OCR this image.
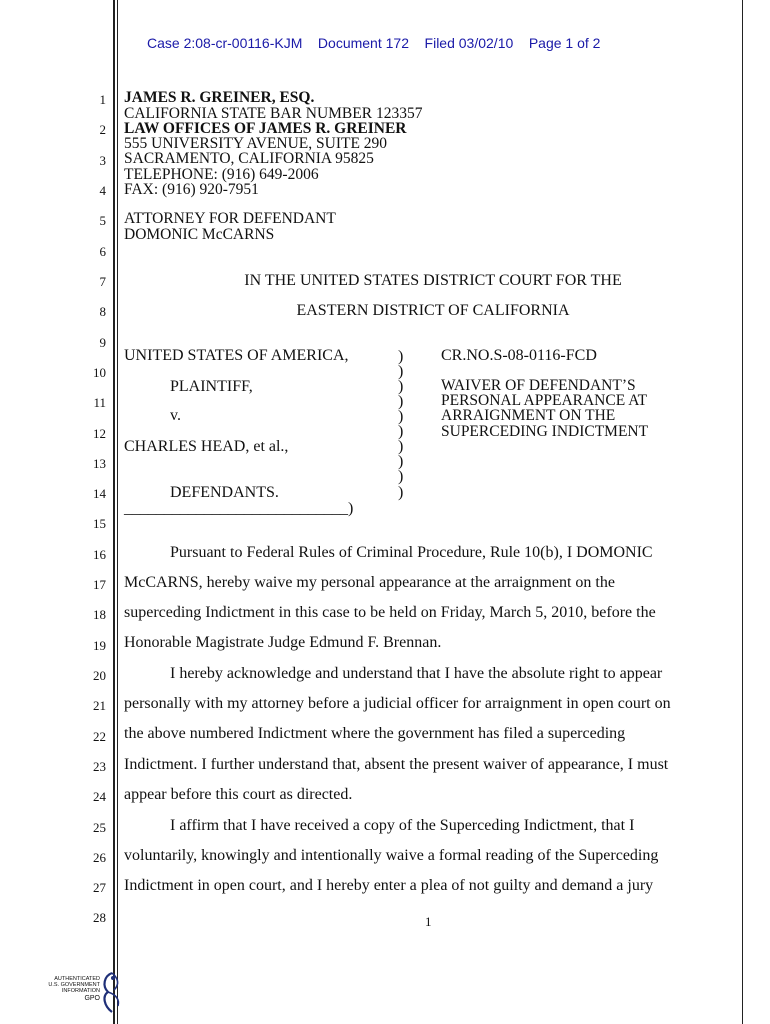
Case 2:08-cr-00116-KJM    Document 172    Filed 03/02/10    Page 1 of 2
1
2
3
4
5
6
7
8
9
10
11
12
13
14
15
16
17
18
19
20
21
22
23
24
25
26
27
28
JAMES R. GREINER, ESQ.
CALIFORNIA STATE BAR NUMBER 123357
LAW OFFICES OF JAMES R. GREINER
555 UNIVERSITY AVENUE, SUITE 290
SACRAMENTO, CALIFORNIA 95825
TELEPHONE: (916) 649-2006
FAX: (916) 920-7951
ATTORNEY FOR DEFENDANT
DOMONIC McCARNS
IN THE UNITED STATES DISTRICT COURT FOR THE
EASTERN DISTRICT OF CALIFORNIA
UNITED STATES OF AMERICA,
PLAINTIFF,
v.
CHARLES HEAD, et al.,
DEFENDANTS.
____________________________)
)
)
)
)
)
)
)
)
)
)
CR.NO.S-08-0116-FCD
WAIVER OF DEFENDANT’S
PERSONAL APPEARANCE AT
ARRAIGNMENT ON THE
SUPERCEDING INDICTMENT
Pursuant to Federal Rules of Criminal Procedure, Rule 10(b), I DOMONIC
McCARNS, hereby waive my personal appearance at the arraignment on the
superceding Indictment in this case to be held on Friday, March 5, 2010, before the
Honorable Magistrate Judge Edmund F. Brennan.
I hereby acknowledge and understand that I have the absolute right to appear
personally with my attorney before a judicial officer for arraignment in open court on
the above numbered Indictment where the government has filed a superceding
Indictment. I further understand that, absent the present waiver of appearance, I must
appear before this court as directed.
I affirm that I have received a copy of the Superceding Indictment, that I
voluntarily, knowingly and intentionally waive a formal reading of the Superceding
Indictment in open court, and I hereby enter a plea of not guilty and demand a jury
1
AUTHENTICATED
U.S. GOVERNMENT
INFORMATION
GPO
